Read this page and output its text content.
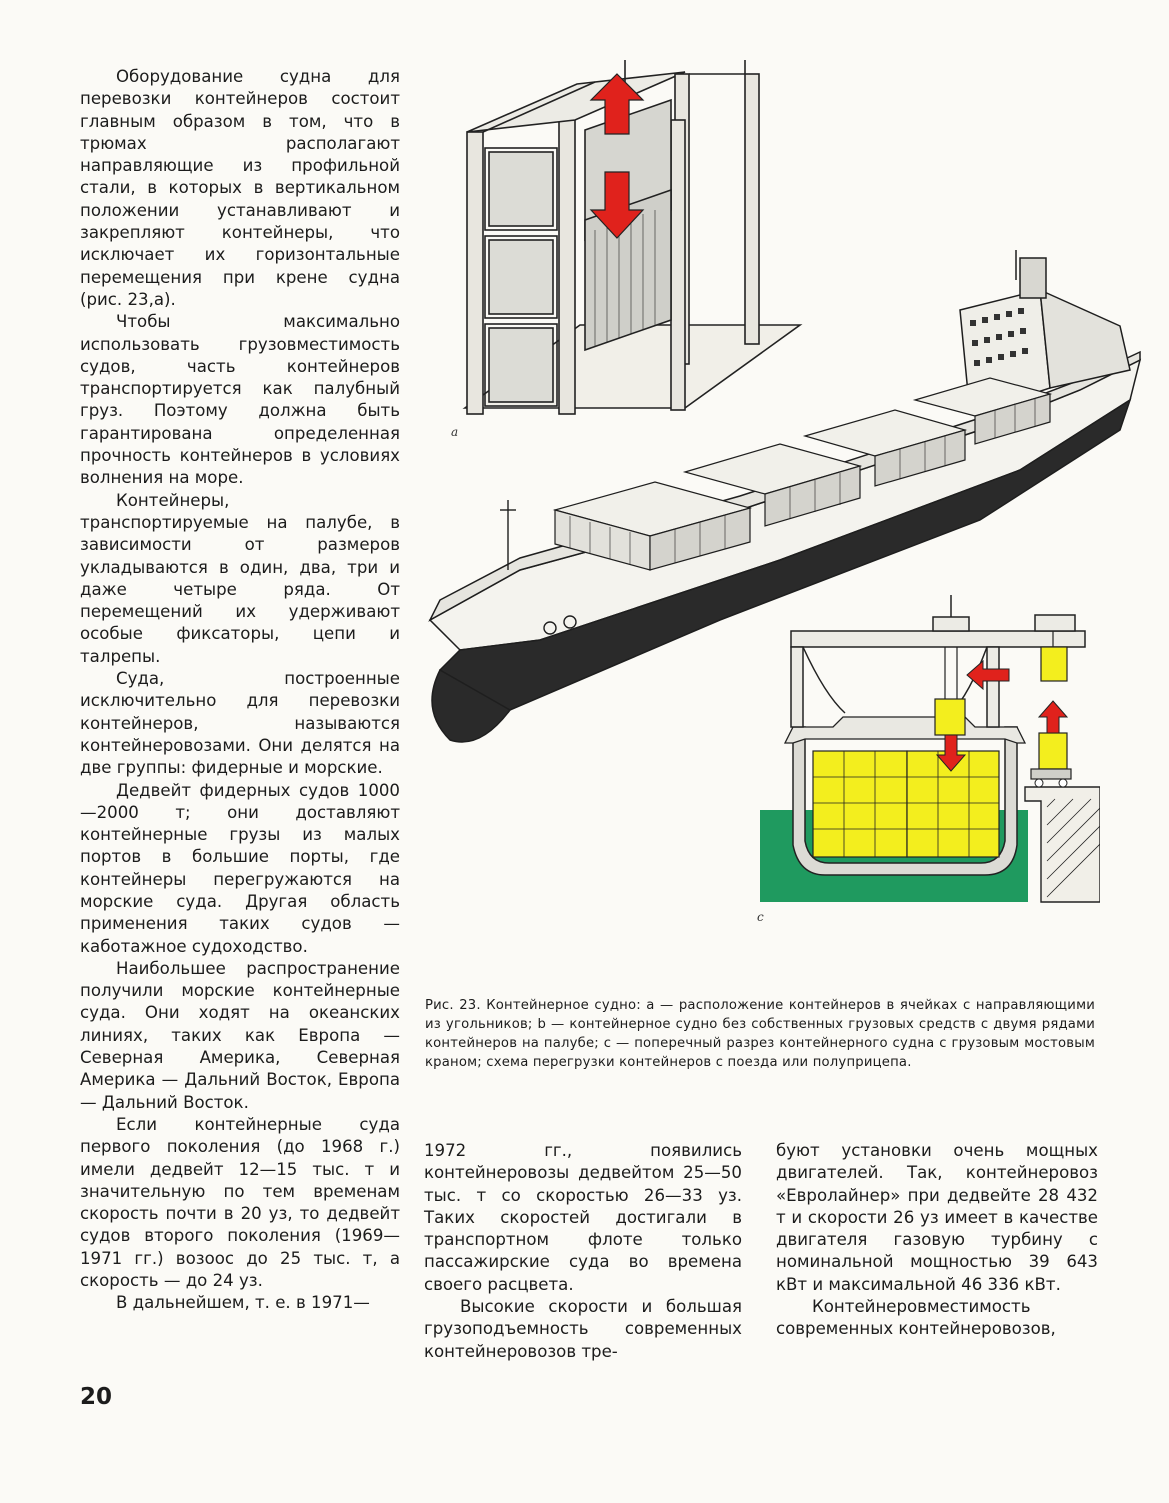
Оборудование судна для перевозки контейнеров состоит главным образом в том, что в трюмах располагают направляющие из профильной стали, в которых в вертикальном положении устанавливают и закрепляют контейнеры, что исключает их горизонтальные перемещения при крене судна (рис. 23,а).

Чтобы максимально использовать грузовместимость судов, часть контейнеров транспортируется как палубный груз. Поэтому должна быть гарантирована определенная прочность контейнеров в условиях волнения на море.

Контейнеры, транспортируемые на палубе, в зависимости от размеров укладываются в один, два, три и даже четыре ряда. От перемещений их удерживают особые фиксаторы, цепи и талрепы.

Суда, построенные исключительно для перевозки контейнеров, называются контейнеровозами. Они делятся на две группы: фидерные и морские.

Дедвейт фидерных судов 1000—2000 т; они доставляют контейнерные грузы из малых портов в большие порты, где контейнеры перегружаются на морские суда. Другая область применения таких судов — каботажное судоходство.

Наибольшее распространение получили морские контейнерные суда. Они ходят на океанских линиях, таких как Европа — Северная Америка, Северная Америка — Дальний Восток, Европа — Дальний Восток.

Если контейнерные суда первого поколения (до 1968 г.) имели дедвейт 12—15 тыс. т и значительную по тем временам скорость почти в 20 уз, то дедвейт судов второго поколения (1969—1971 гг.) возоос до 25 тыс. т, а скорость — до 24 уз.

В дальнейшем, т. е. в 1971—

а
с
Рис. 23. Контейнерное судно: а — расположение контейнеров в ячейках с направляющими из угольников; b — контейнерное судно без собственных грузовых средств с двумя рядами контейнеров на палубе; с — поперечный разрез контейнерного судна с грузовым мостовым краном; схема перегрузки контейнеров с поезда или полуприцепа.

1972 гг., появились контейнеровозы дедвейтом 25—50 тыс. т со скоростью 26—33 уз. Таких скоростей достигали в транспортном флоте только пассажирские суда во времена своего расцвета.

Высокие скорости и большая грузоподъемность современных контейнеровозов тре-

буют установки очень мощных двигателей. Так, контейнеровоз «Евролайнер» при дедвейте 28 432 т и скорости 26 уз имеет в качестве двигателя газовую турбину с номинальной мощностью 39 643 кВт и максимальной 46 336 кВт.

Контейнеровместимость современных контейнеровозов,

20
